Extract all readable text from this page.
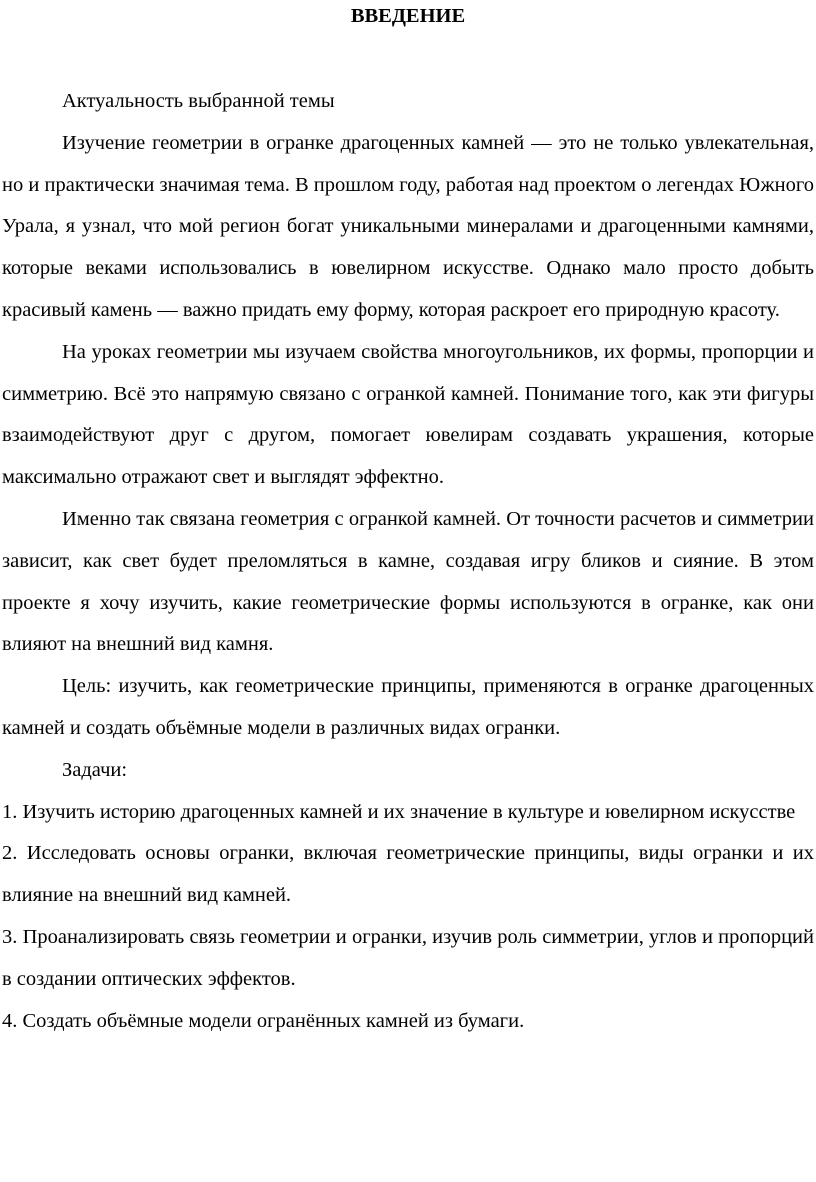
ВВЕДЕНИЕ

Актуальность выбранной темы

Изучение геометрии в огранке драгоценных камней — это не только увлекательная, но и практически значимая тема. В прошлом году, работая над проектом о легендах Южного Урала, я узнал, что мой регион богат уникальными минералами и драгоценными камнями, которые веками использовались в ювелирном искусстве. Однако мало просто добыть красивый камень — важно придать ему форму, которая раскроет его природную красоту.

На уроках геометрии мы изучаем свойства многоугольников, их формы, пропорции и симметрию. Всё это напрямую связано с огранкой камней. Понимание того, как эти фигуры взаимодействуют друг с другом, помогает ювелирам создавать украшения, которые максимально отражают свет и выглядят эффектно.

Именно так связана геометрия с огранкой камней. От точности расчетов и симметрии зависит, как свет будет преломляться в камне, создавая игру бликов и сияние. В этом проекте я хочу изучить, какие геометрические формы используются в огранке, как они влияют на внешний вид камня.

Цель: изучить, как геометрические принципы, применяются в огранке драгоценных камней и создать объёмные модели в различных видах огранки.

Задачи:

1. Изучить историю драгоценных камней и их значение в культуре и ювелирном искусстве

2. Исследовать основы огранки, включая геометрические принципы, виды огранки и их влияние на внешний вид камней.

3. Проанализировать связь геометрии и огранки, изучив роль симметрии, углов и пропорций в создании оптических эффектов.

4. Создать объёмные модели огранённых камней из бумаги.
